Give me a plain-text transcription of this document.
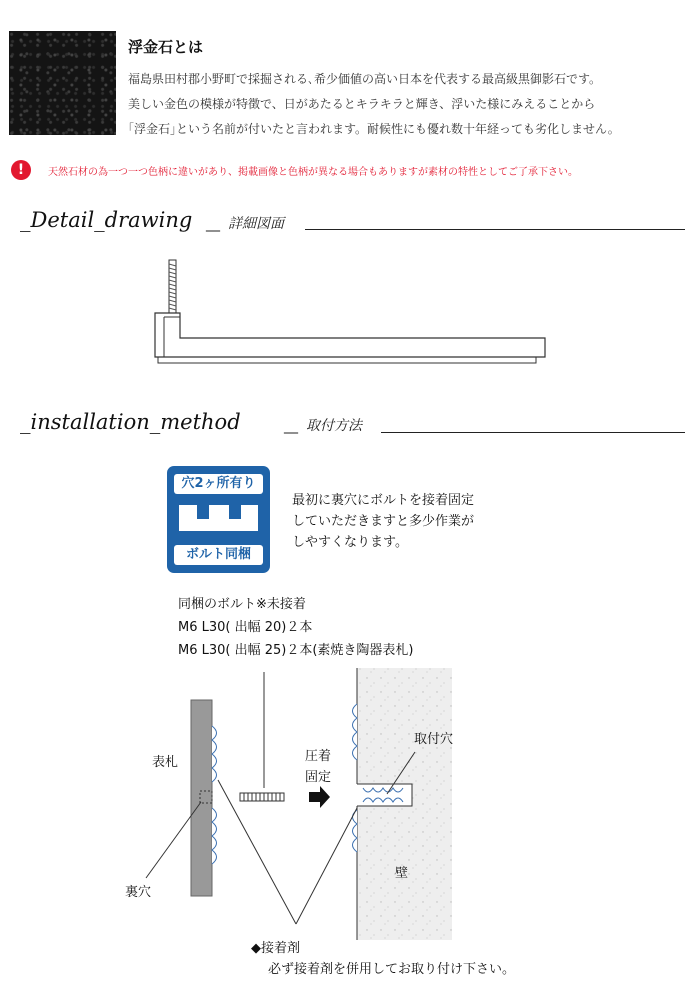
浮金石とは
福島県田村郡小野町で採掘される､希少価値の高い日本を代表する最高級黒御影石です。
美しい金色の模様が特徴で、日があたるとキラキラと輝き、浮いた様にみえることから
｢浮金石｣という名前が付いたと言われます。耐候性にも優れ数十年経っても劣化しません。
!	天然石材の為一つ一つ色柄に違いがあり、掲載画像と色柄が異なる場合もありますが素材の特性としてご了承下さい。
_Detail_drawing __ 詳細図面
_installation_method	__ 取付方法
穴2ヶ所有り
ボルト同梱
最初に裏穴にボルトを接着固定
していただきますと多少作業が
しやすくなります。
同梱のボルト※未接着
M6 L30( 出幅 20)２本
M6 L30( 出幅 25)２本(素焼き陶器表札)
表札
裏穴
圧着
固定
取付穴
壁
◆接着剤
必ず接着剤を併用してお取り付け下さい。
